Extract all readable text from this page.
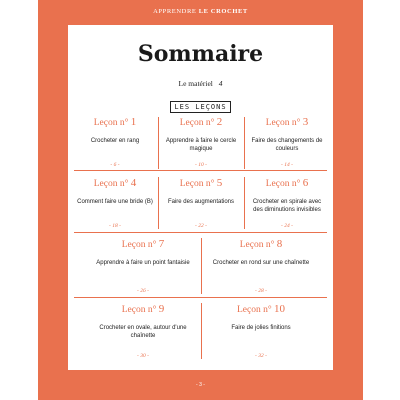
APPRENDRE LE CROCHET
Sommaire
Le matériel 4
LES LEÇONS
Leçon n° 1
Crocheter en rang
- 6 -
Leçon n° 2
Apprendre à faire le cercle magique
- 10 -
Leçon n° 3
Faire des changements de couleurs
- 14 -
Leçon n° 4
Comment faire une bride (B)
- 18 -
Leçon n° 5
Faire des augmentations
- 22 -
Leçon n° 6
Crocheter en spirale avec des diminutions invisibles
- 24 -
Leçon n° 7
Apprendre à faire un point fantaisie
- 26 -
Leçon n° 8
Crocheter en rond sur une chaînette
- 28 -
Leçon n° 9
Crocheter en ovale, autour d'une chaînette
- 30 -
Leçon n° 10
Faire de jolies finitions
- 32 -
- 3 -
